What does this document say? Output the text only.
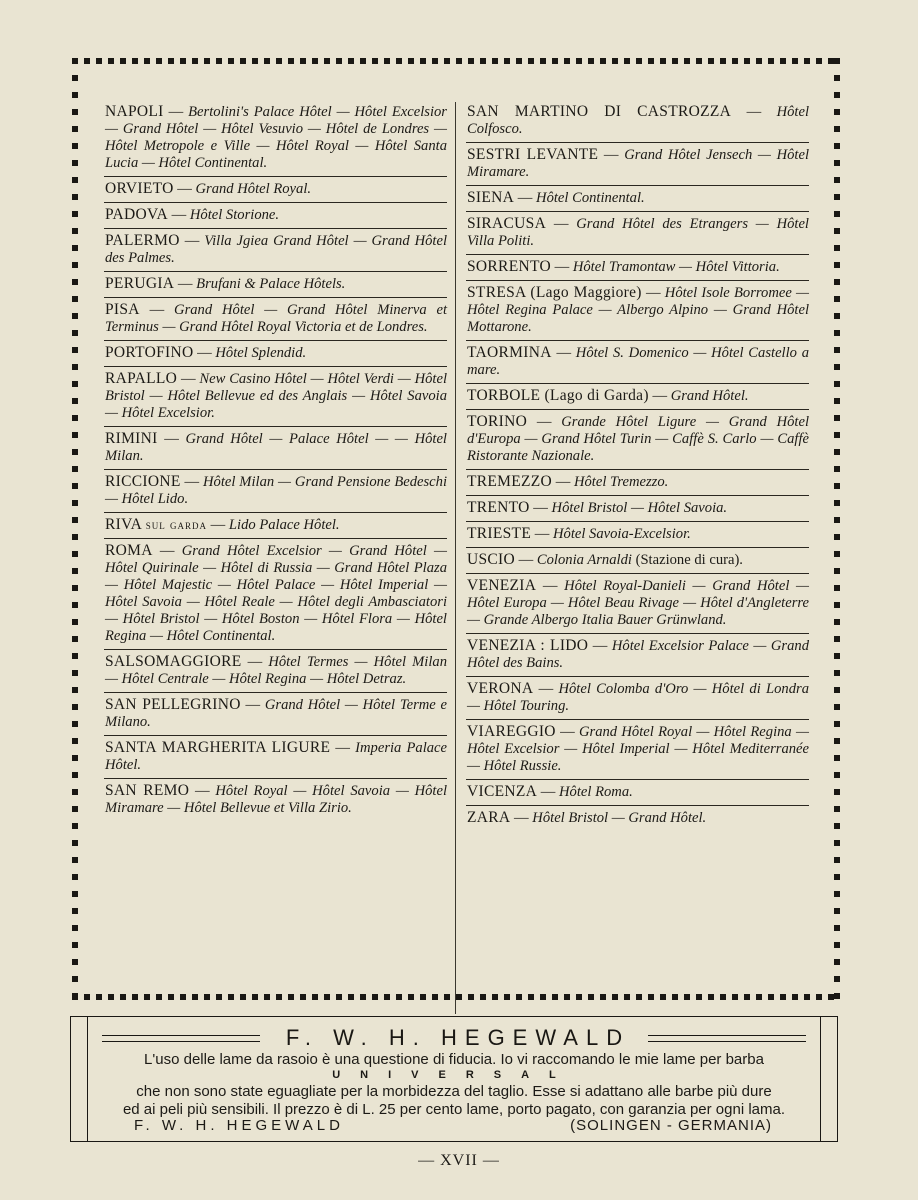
NAPOLI — Bertolini's Palace Hôtel — Hôtel Excelsior — Grand Hôtel — Hôtel Vesuvio — Hôtel de Londres — Hôtel Metropole e Ville — Hôtel Royal — Hôtel Santa Lucia — Hôtel Continental.
ORVIETO — Grand Hôtel Royal.
PADOVA — Hôtel Storione.
PALERMO — Villa Jgiea Grand Hôtel — Grand Hôtel des Palmes.
PERUGIA — Brufani & Palace Hôtels.
PISA — Grand Hôtel — Grand Hôtel Minerva et Terminus — Grand Hôtel Royal Victoria et de Londres.
PORTOFINO — Hôtel Splendid.
RAPALLO — New Casino Hôtel — Hôtel Verdi — Hôtel Bristol — Hôtel Bellevue ed des Anglais — Hôtel Savoia — Hôtel Excelsior.
RIMINI — Grand Hôtel — Palace Hôtel — — Hôtel Milan.
RICCIONE — Hôtel Milan — Grand Pensione Bedeschi — Hôtel Lido.
RIVA sul garda — Lido Palace Hôtel.
ROMA — Grand Hôtel Excelsior — Grand Hôtel — Hôtel Quirinale — Hôtel di Russia — Grand Hôtel Plaza — Hôtel Majestic — Hôtel Palace — Hôtel Imperial — Hôtel Savoia — Hôtel Reale — Hôtel degli Ambasciatori — Hôtel Bristol — Hôtel Boston — Hôtel Flora — Hôtel Regina — Hôtel Continental.
SALSOMAGGIORE — Hôtel Termes — Hôtel Milan — Hôtel Centrale — Hôtel Regina — Hôtel Detraz.
SAN PELLEGRINO — Grand Hôtel — Hôtel Terme e Milano.
SANTA MARGHERITA LIGURE — Imperia Palace Hôtel.
SAN REMO — Hôtel Royal — Hôtel Savoia — Hôtel Miramare — Hôtel Bellevue et Villa Zirio.
SAN MARTINO DI CASTROZZA — Hôtel Colfosco.
SESTRI LEVANTE — Grand Hôtel Jensech — Hôtel Miramare.
SIENA — Hôtel Continental.
SIRACUSA — Grand Hôtel des Etrangers — Hôtel Villa Politi.
SORRENTO — Hôtel Tramontaw — Hôtel Vittoria.
STRESA (Lago Maggiore) — Hôtel Isole Borromee — Hôtel Regina Palace — Albergo Alpino — Grand Hôtel Mottarone.
TAORMINA — Hôtel S. Domenico — Hôtel Castello a mare.
TORBOLE (Lago di Garda) — Grand Hôtel.
TORINO — Grande Hôtel Ligure — Grand Hôtel d'Europa — Grand Hôtel Turin — Caffè S. Carlo — Caffè Ristorante Nazionale.
TREMEZZO — Hôtel Tremezzo.
TRENTO — Hôtel Bristol — Hôtel Savoia.
TRIESTE — Hôtel Savoia-Excelsior.
USCIO — Colonia Arnaldi (Stazione di cura).
VENEZIA — Hôtel Royal-Danieli — Grand Hôtel — Hôtel Europa — Hôtel Beau Rivage — Hôtel d'Angleterre — Grande Albergo Italia Bauer Grünwland.
VENEZIA : LIDO — Hôtel Excelsior Palace — Grand Hôtel des Bains.
VERONA — Hôtel Colomba d'Oro — Hôtel di Londra — Hôtel Touring.
VIAREGGIO — Grand Hôtel Royal — Hôtel Regina — Hôtel Excelsior — Hôtel Imperial — Hôtel Mediterranée — Hôtel Russie.
VICENZA — Hôtel Roma.
ZARA — Hôtel Bristol — Grand Hôtel.
F. W. H. HEGEWALD
L'uso delle lame da rasoio è una questione di fiducia. Io vi raccomando le mie lame per barba
UNIVERSAL
che non sono state eguagliate per la morbidezza del taglio. Esse si adattano alle barbe più dure
ed ai peli più sensibili. Il prezzo è di L. 25 per cento lame, porto pagato, con garanzia per ogni lama.
F. W. H. HEGEWALD	(SOLINGEN - GERMANIA)
— XVII —
